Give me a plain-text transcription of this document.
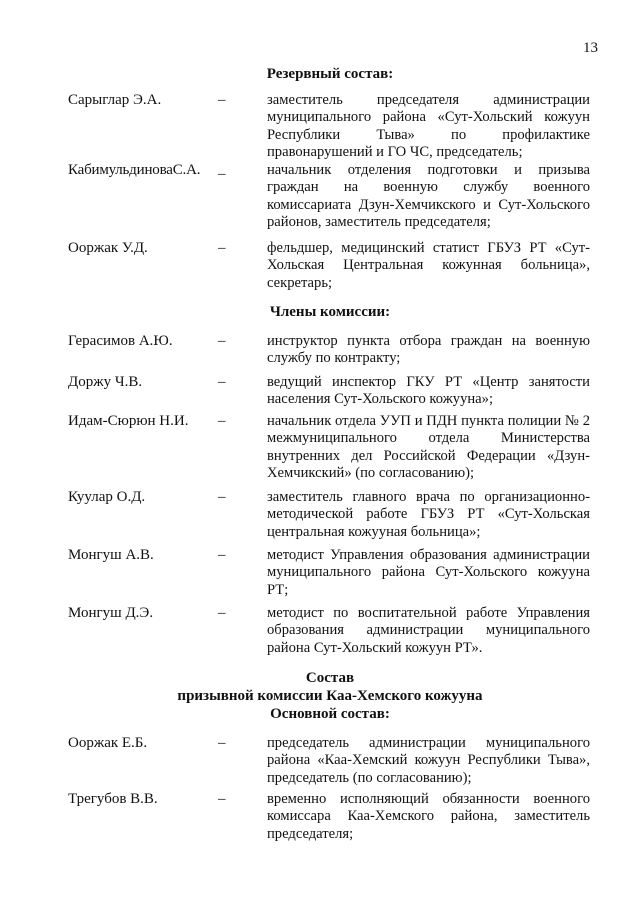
13
Резервный состав:
Сарыглар Э.А.	–	заместитель председателя администрации муниципального района «Сут-Хольский кожуун Республики Тыва» по профилактике правонарушений и ГО ЧС, председатель;
КабимульдиноваС.А. –	начальник отделения подготовки и призыва граждан на военную службу военного комиссариата Дзун-Хемчикского и Сут-Хольского районов, заместитель председателя;
Ооржак У.Д.	–	фельдшер, медицинский статист ГБУЗ РТ «Сут-Хольская Центральная кожунная больница», секретарь;
Члены комиссии:
Герасимов А.Ю.	–	инструктор пункта отбора граждан на военную службу по контракту;
Доржу Ч.В.	–	ведущий инспектор ГКУ РТ «Центр занятости населения Сут-Хольского кожууна»;
Идам-Сюрюн Н.И. –	начальник отдела УУП и ПДН пункта полиции № 2 межмуниципального отдела Министерства внутренних дел Российской Федерации «Дзун-Хемчикский» (по согласованию);
Куулар О.Д.	–	заместитель главного врача по организационно-методической работе ГБУЗ РТ «Сут-Хольская центральная кожууная больница»;
Монгуш А.В.	–	методист Управления образования администрации муниципального района Сут-Хольского кожууна РТ;
Монгуш Д.Э.	–	методист по воспитательной работе Управления образования администрации муниципального района Сут-Хольский кожуун РТ».
Состав
призывной комиссии Каа-Хемского кожууна
Основной состав:
Ооржак Е.Б.	–	председатель администрации муниципального района «Каа-Хемский кожуун Республики Тыва», председатель (по согласованию);
Трегубов В.В.	–	временно исполняющий обязанности военного комиссара Каа-Хемского района, заместитель председателя;
